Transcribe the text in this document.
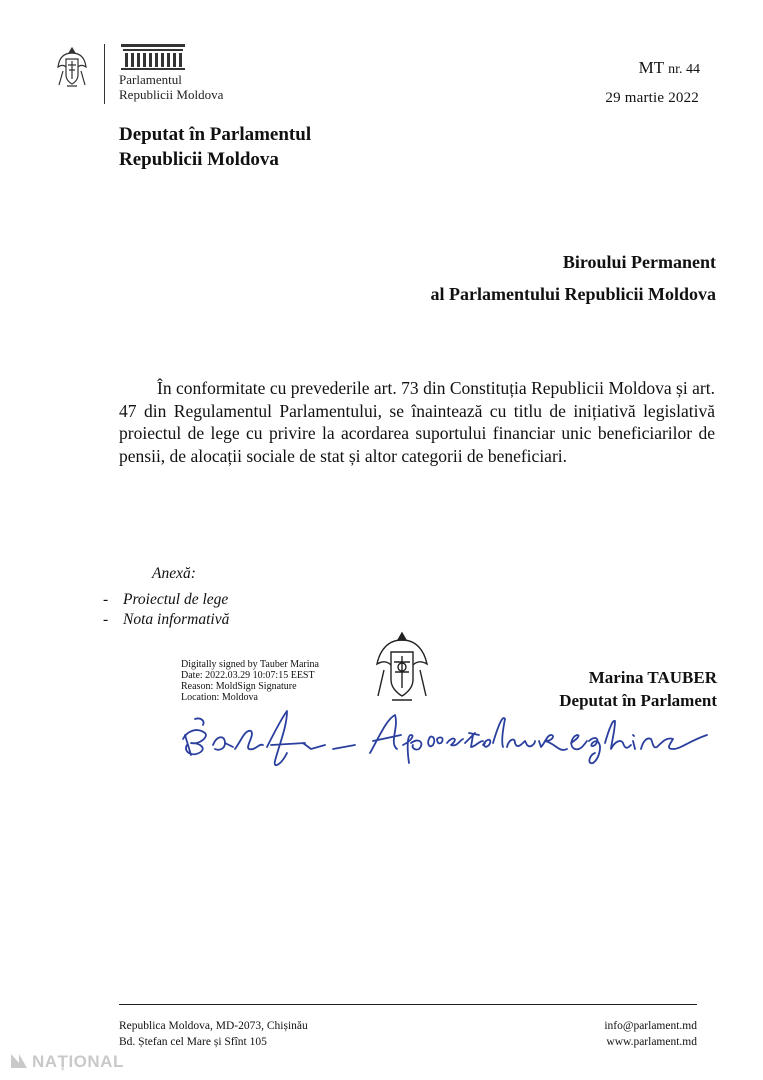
Parlamentul
Republicii Moldova
MT nr. 44
29 martie 2022
Deputat în Parlamentul
Republicii Moldova
Biroului Permanent
al Parlamentului Republicii Moldova
În conformitate cu prevederile art. 73 din Constituția Republicii Moldova și art. 47 din Regulamentul Parlamentului, se înaintează cu titlu de inițiativă legislativă proiectul de lege cu privire la acordarea suportului financiar unic beneficiarilor de pensii, de alocații sociale de stat și altor categorii de beneficiari.
Anexă:
- Proiectul de lege
- Nota informativă
Digitally signed by Tauber Marina
Date: 2022.03.29 10:07:15 EEST
Reason: MoldSign Signature
Location: Moldova
Marina TAUBER
Deputat în Parlament
Republica Moldova, MD-2073, Chișinău
Bd. Ștefan cel Mare și Sfînt 105
info@parlament.md
www.parlament.md
NAȚIONAL
